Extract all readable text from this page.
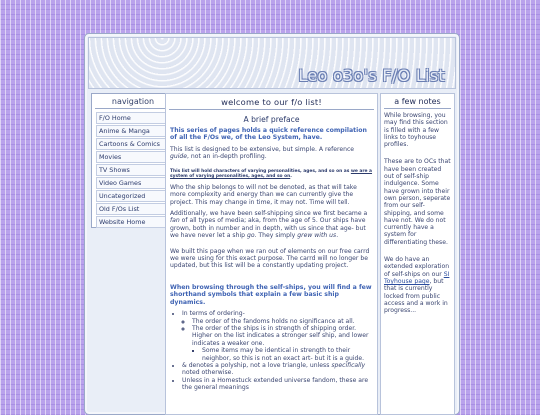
Leo o3o's F/O List
navigation
F/O Home
Anime & Manga
Cartoons & Comics
Movies
TV Shows
Video Games
Uncategorized
Old F/Os List
Website Home
welcome to our f/o list!
A brief preface

This series of pages holds a quick reference compilation of all the F/Os we, of the Leo System, have.

This list is designed to be extensive, but simple. A reference guide, not an in-depth profiling.

This list will hold characters of varying personalities, ages, and so on as we are a system of varying personalities, ages, and so on.

Who the ship belongs to will not be denoted, as that will take more complexity and energy than we can currently give the project. This may change in time, it may not. Time will tell.

Additionally, we have been self-shipping since we first became a fan of all types of media; aka, from the age of 5. Our ships have grown, both in number and in depth, with us since that age- but we have never let a ship go. They simply grew with us.

We built this page when we ran out of elements on our free carrd we were using for this exact purpose. The carrd will no longer be updated, but this list will be a constantly updating project.

When browsing through the self-ships, you will find a few shorthand symbols that explain a few basic ship dynamics.

• In terms of ordering-
◦ The order of the fandoms holds no significance at all.
◦ The order of the ships is in strength of shipping order. Higher on the list indicates a stronger self ship, and lower indicates a weaker one.
▪ Some items may be identical in strength to their neighbor, so this is not an exact art- but it is a guide.
• & denotes a polyship, not a love triangle, unless specifically noted otherwise.
• Unless in a Homestuck extended universe fandom, these are the general meanings
a few notes

While browsing, you may find this section is filled with a few links to toyhouse profiles.

These are to OCs that have been created out of self-ship indulgence. Some have grown into their own person, seperate from our self-shipping, and some have not. We do not currently have a system for differentiating these.

We do have an extended exploration of self-ships on our SI Toyhouse page, but that is currently locked from public access and a work in progress...
